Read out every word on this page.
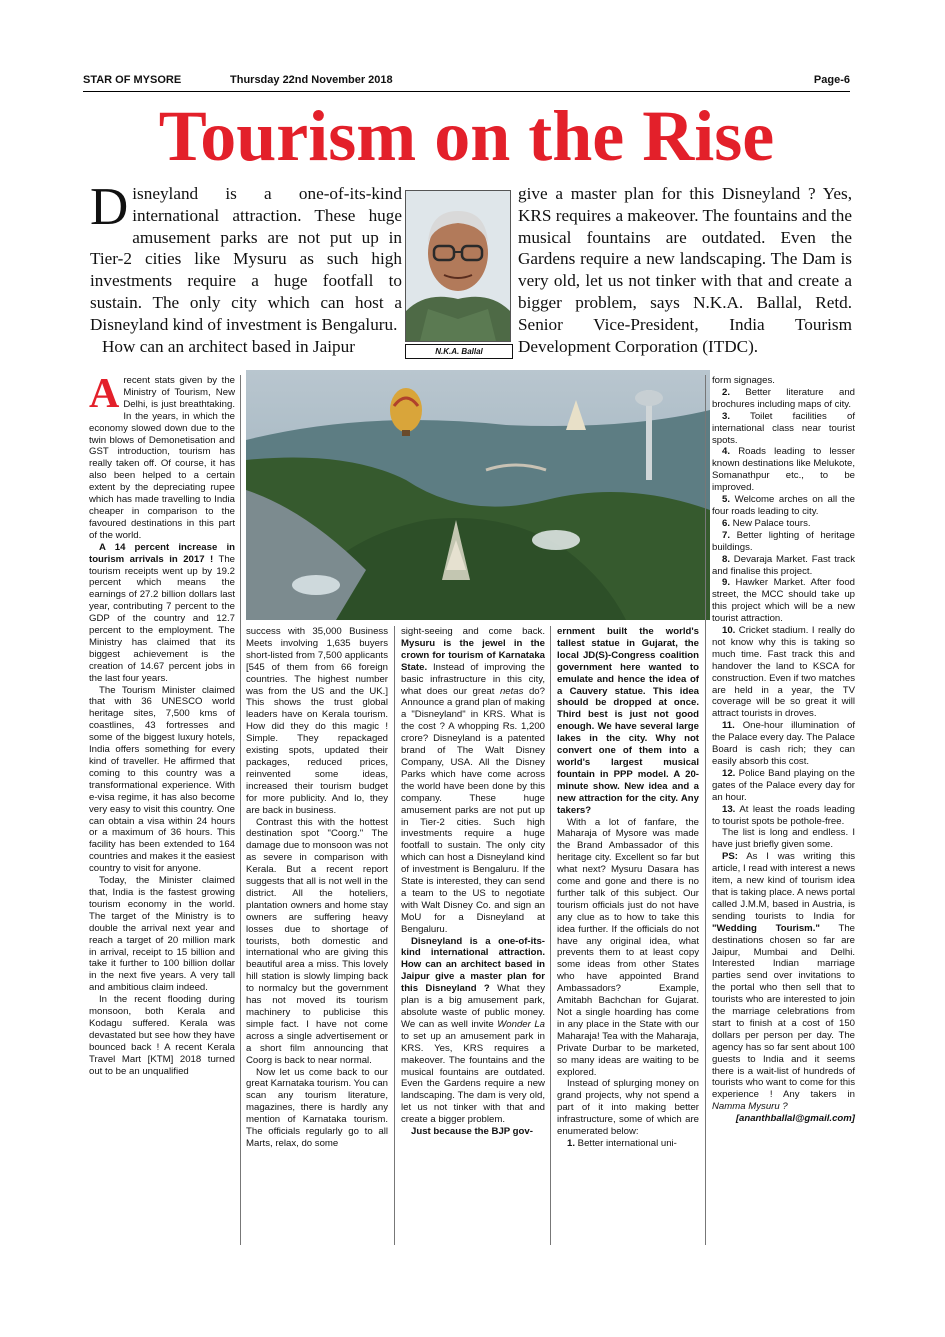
STAR OF MYSORE	Thursday 22nd November 2018	Page-6
Tourism on the Rise

Disneyland is a one-of-its-kind international attraction. These huge amusement parks are not put up in Tier-2 cities like Mysuru as such high investments require a huge footfall to sustain. The only city which can host a Disneyland kind of investment is Bengaluru.

How can an architect based in Jaipur	N.K.A. Ballal
give a master plan for this Disneyland ? Yes, KRS requires a makeover. The fountains and the musical fountains are outdated. Even the Gardens require a new landscaping. The Dam is very old, let us not tinker with that and create a bigger problem, says N.K.A. Ballal, Retd. Senior Vice-President, India Tourism Development Corporation (ITDC).

Arecent stats given by the Ministry of Tourism, New Delhi, is just breathtaking. In the years, in which the economy slowed down due to the twin blows of Demonetisation and GST introduction, tourism has really taken off. Of course, it has also been helped to a certain extent by the depreciating rupee which has made travelling to India cheaper in comparison to the favoured destinations in this part of the world.

A 14 percent increase in tourism arrivals in 2017 ! The tourism receipts went up by 19.2 percent which means the earnings of 27.2 billion dollars last year, contributing 7 percent to the GDP of the country and 12.7 percent to the employment. The Ministry has claimed that its biggest achievement is the creation of 14.67 percent jobs in the last four years.

The Tourism Minister claimed that with 36 UNESCO world heritage sites, 7,500 kms of coastlines, 43 fortresses and some of the biggest luxury hotels, India offers something for every kind of traveller. He affirmed that coming to this country was a transformational experience. With e-visa regime, it has also become very easy to visit this country. One can obtain a visa within 24 hours or a maximum of 36 hours. This facility has been extended to 164 countries and makes it the easiest country to visit for anyone.

Today, the Minister claimed that, India is the fastest growing tourism economy in the world. The target of the Ministry is to double the arrival next year and reach a target of 20 million mark in arrival, receipt to 15 billion and take it further to 100 billion dollar in the next five years. A very tall and ambitious claim indeed.

In the recent flooding during monsoon, both Kerala and Kodagu suffered. Kerala was devastated but see how they have bounced back ! A recent Kerala Travel Mart [KTM] 2018 turned out to be an unqualified

success with 35,000 Business Meets involving 1,635 buyers short-listed from 7,500 applicants [545 of them from 66 foreign countries. The highest number was from the US and the UK.] This shows the trust global leaders have on Kerala tourism. How did they do this magic ! Simple. They repackaged existing spots, updated their packages, reduced prices, reinvented some ideas, increased their tourism budget for more publicity. And lo, they are back in business.

Contrast this with the hottest destination spot "Coorg." The damage due to monsoon was not as severe in comparison with Kerala. But a recent report suggests that all is not well in the district. All the hoteliers, plantation owners and home stay owners are suffering heavy losses due to shortage of tourists, both domestic and international who are giving this beautiful area a miss. This lovely hill station is slowly limping back to normalcy but the government has not moved its tourism machinery to publicise this simple fact. I have not come across a single advertisement or a short film announcing that Coorg is back to near normal.

Now let us come back to our great Karnataka tourism. You can scan any tourism literature, magazines, there is hardly any mention of Karnataka tourism. The officials regularly go to all Marts, relax, do some

sight-seeing and come back. Mysuru is the jewel in the crown for tourism of Karnataka State. Instead of improving the basic infrastructure in this city, what does our great netas do? Announce a grand plan of making a "Disneyland" in KRS. What is the cost ? A whopping Rs. 1,200 crore? Disneyland is a patented brand of The Walt Disney Company, USA. All the Disney Parks which have come across the world have been done by this company. These huge amusement parks are not put up in Tier-2 cities. Such high investments require a huge footfall to sustain. The only city which can host a Disneyland kind of investment is Bengaluru. If the State is interested, they can send a team to the US to negotiate with Walt Disney Co. and sign an MoU for a Disneyland at Bengaluru.

Disneyland is a one-of-its-kind international attraction. How can an architect based in Jaipur give a master plan for this Disneyland ? What they plan is a big amusement park, absolute waste of public money. We can as well invite Wonder La to set up an amusement park in KRS. Yes, KRS requires a makeover. The fountains and the musical fountains are outdated. Even the Gardens require a new landscaping. The dam is very old, let us not tinker with that and create a bigger problem.

Just because the BJP gov-

ernment built the world's tallest statue in Gujarat, the local JD(S)-Congress coalition government here wanted to emulate and hence the idea of a Cauvery statue. This idea should be dropped at once. Third best is just not good enough. We have several large lakes in the city. Why not convert one of them into a world's largest musical fountain in PPP model. A 20-minute show. New idea and a new attraction for the city. Any takers?

With a lot of fanfare, the Maharaja of Mysore was made the Brand Ambassador of this heritage city. Excellent so far but what next? Mysuru Dasara has come and gone and there is no further talk of this subject. Our tourism officials just do not have any clue as to how to take this idea further. If the officials do not have any original idea, what prevents them to at least copy some ideas from other States who have appointed Brand Ambassadors? Example, Amitabh Bachchan for Gujarat. Not a single hoarding has come in any place in the State with our Maharaja! Tea with the Maharaja, Private Durbar to be marketed, so many ideas are waiting to be explored.

Instead of splurging money on grand projects, why not spend a part of it into making better infrastructure, some of which are enumerated below:

1. Better international uni-

form signages.

2. Better literature and brochures including maps of city.

3. Toilet facilities of international class near tourist spots.

4. Roads leading to lesser known destinations like Melukote, Somanathpur etc., to be improved.

5. Welcome arches on all the four roads leading to city.

6. New Palace tours.

7. Better lighting of heritage buildings.

8. Devaraja Market. Fast track and finalise this project.

9. Hawker Market. After food street, the MCC should take up this project which will be a new tourist attraction.

10. Cricket stadium. I really do not know why this is taking so much time. Fast track this and handover the land to KSCA for construction. Even if two matches are held in a year, the TV coverage will be so great it will attract tourists in droves.

11. One-hour illumination of the Palace every day. The Palace Board is cash rich; they can easily absorb this cost.

12. Police Band playing on the gates of the Palace every day for an hour.

13. At least the roads leading to tourist spots be pothole-free.

The list is long and endless. I have just briefly given some.

PS: As I was writing this article, I read with interest a news item, a new kind of tourism idea that is taking place. A news portal called J.M.M, based in Austria, is sending tourists to India for "Wedding Tourism." The destinations chosen so far are Jaipur, Mumbai and Delhi. Interested Indian marriage parties send over invitations to the portal who then sell that to tourists who are interested to join the marriage celebrations from start to finish at a cost of 150 dollars per person per day. The agency has so far sent about 100 guests to India and it seems there is a wait-list of hundreds of tourists who want to come for this experience ! Any takers in Namma Mysuru ?

[ananthballal@gmail.com]
